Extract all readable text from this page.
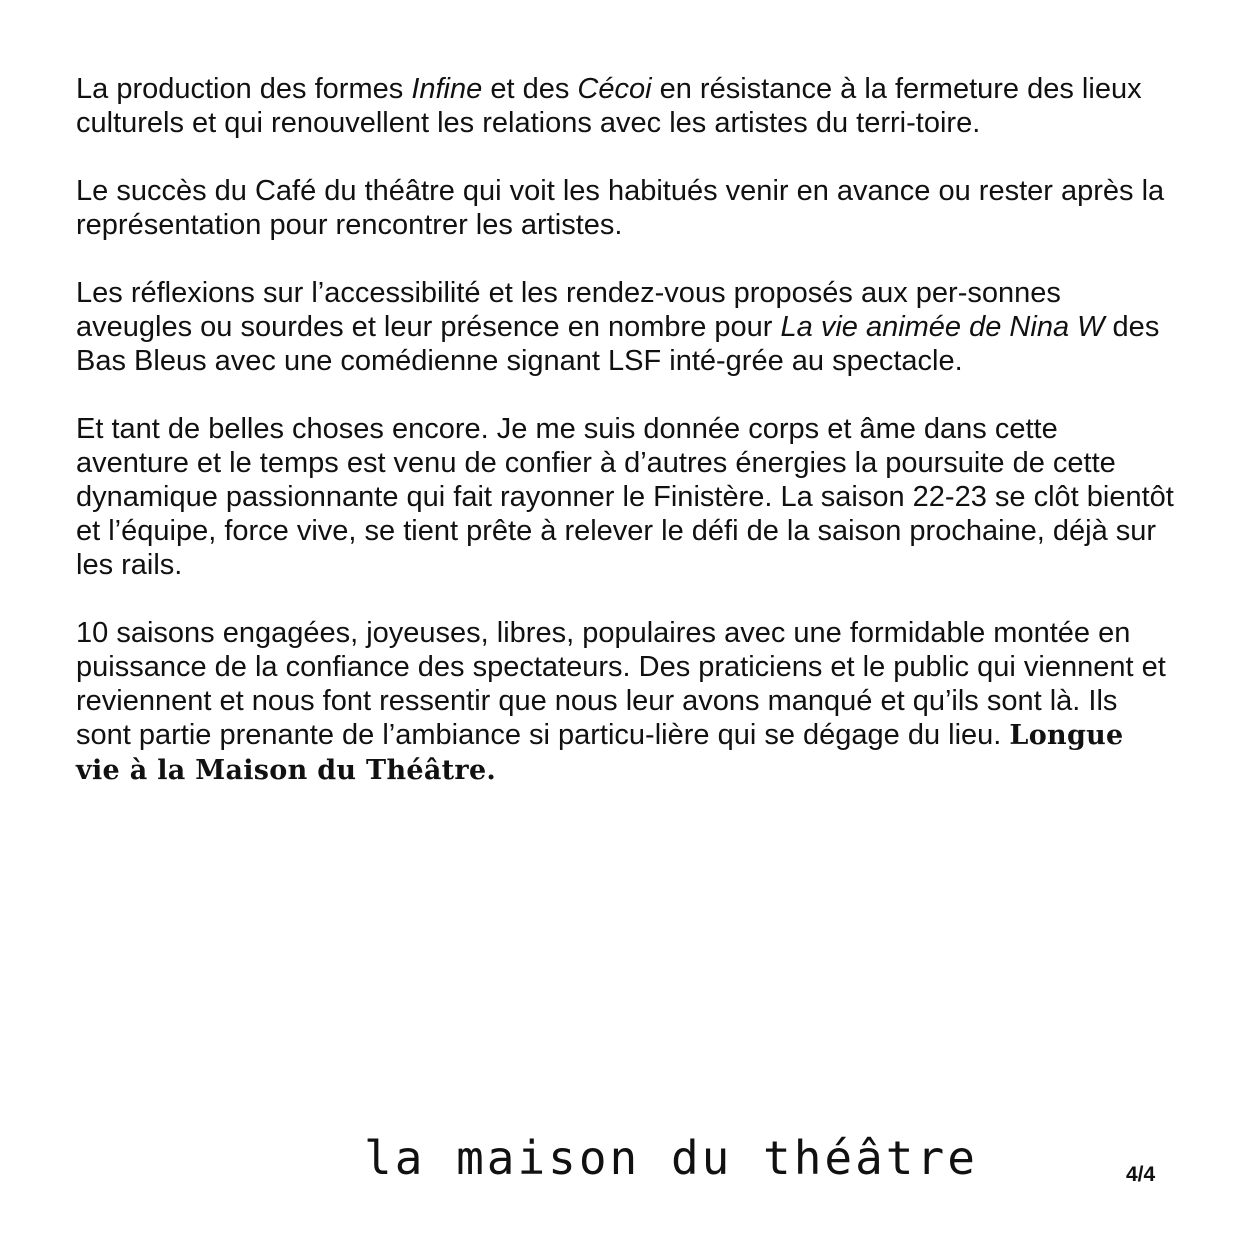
La production des formes Infine et des Cécoi en résistance à la fermeture des lieux culturels et qui renouvellent les relations avec les artistes du terri-toire.

Le succès du Café du théâtre qui voit les habitués venir en avance ou rester après la représentation pour rencontrer les artistes.

Les réflexions sur l’accessibilité et les rendez-vous proposés aux per-sonnes aveugles ou sourdes et leur présence en nombre pour La vie animée de Nina W des Bas Bleus avec une comédienne signant LSF inté-grée au spectacle.

Et tant de belles choses encore. Je me suis donnée corps et âme dans cette aventure et le temps est venu de confier à d’autres énergies la poursuite de cette dynamique passionnante qui fait rayonner le Finistère. La saison 22-23 se clôt bientôt et l’équipe, force vive, se tient prête à relever le défi de la saison prochaine, déjà sur les rails.

10 saisons engagées, joyeuses, libres, populaires avec une formidable montée en puissance de la confiance des spectateurs. Des praticiens et le public qui viennent et reviennent et nous font ressentir que nous leur avons manqué et qu’ils sont là. Ils sont partie prenante de l’ambiance si particu-lière qui se dégage du lieu. Longue vie à la Maison du Théâtre.

la maison du théâtre	4/4
